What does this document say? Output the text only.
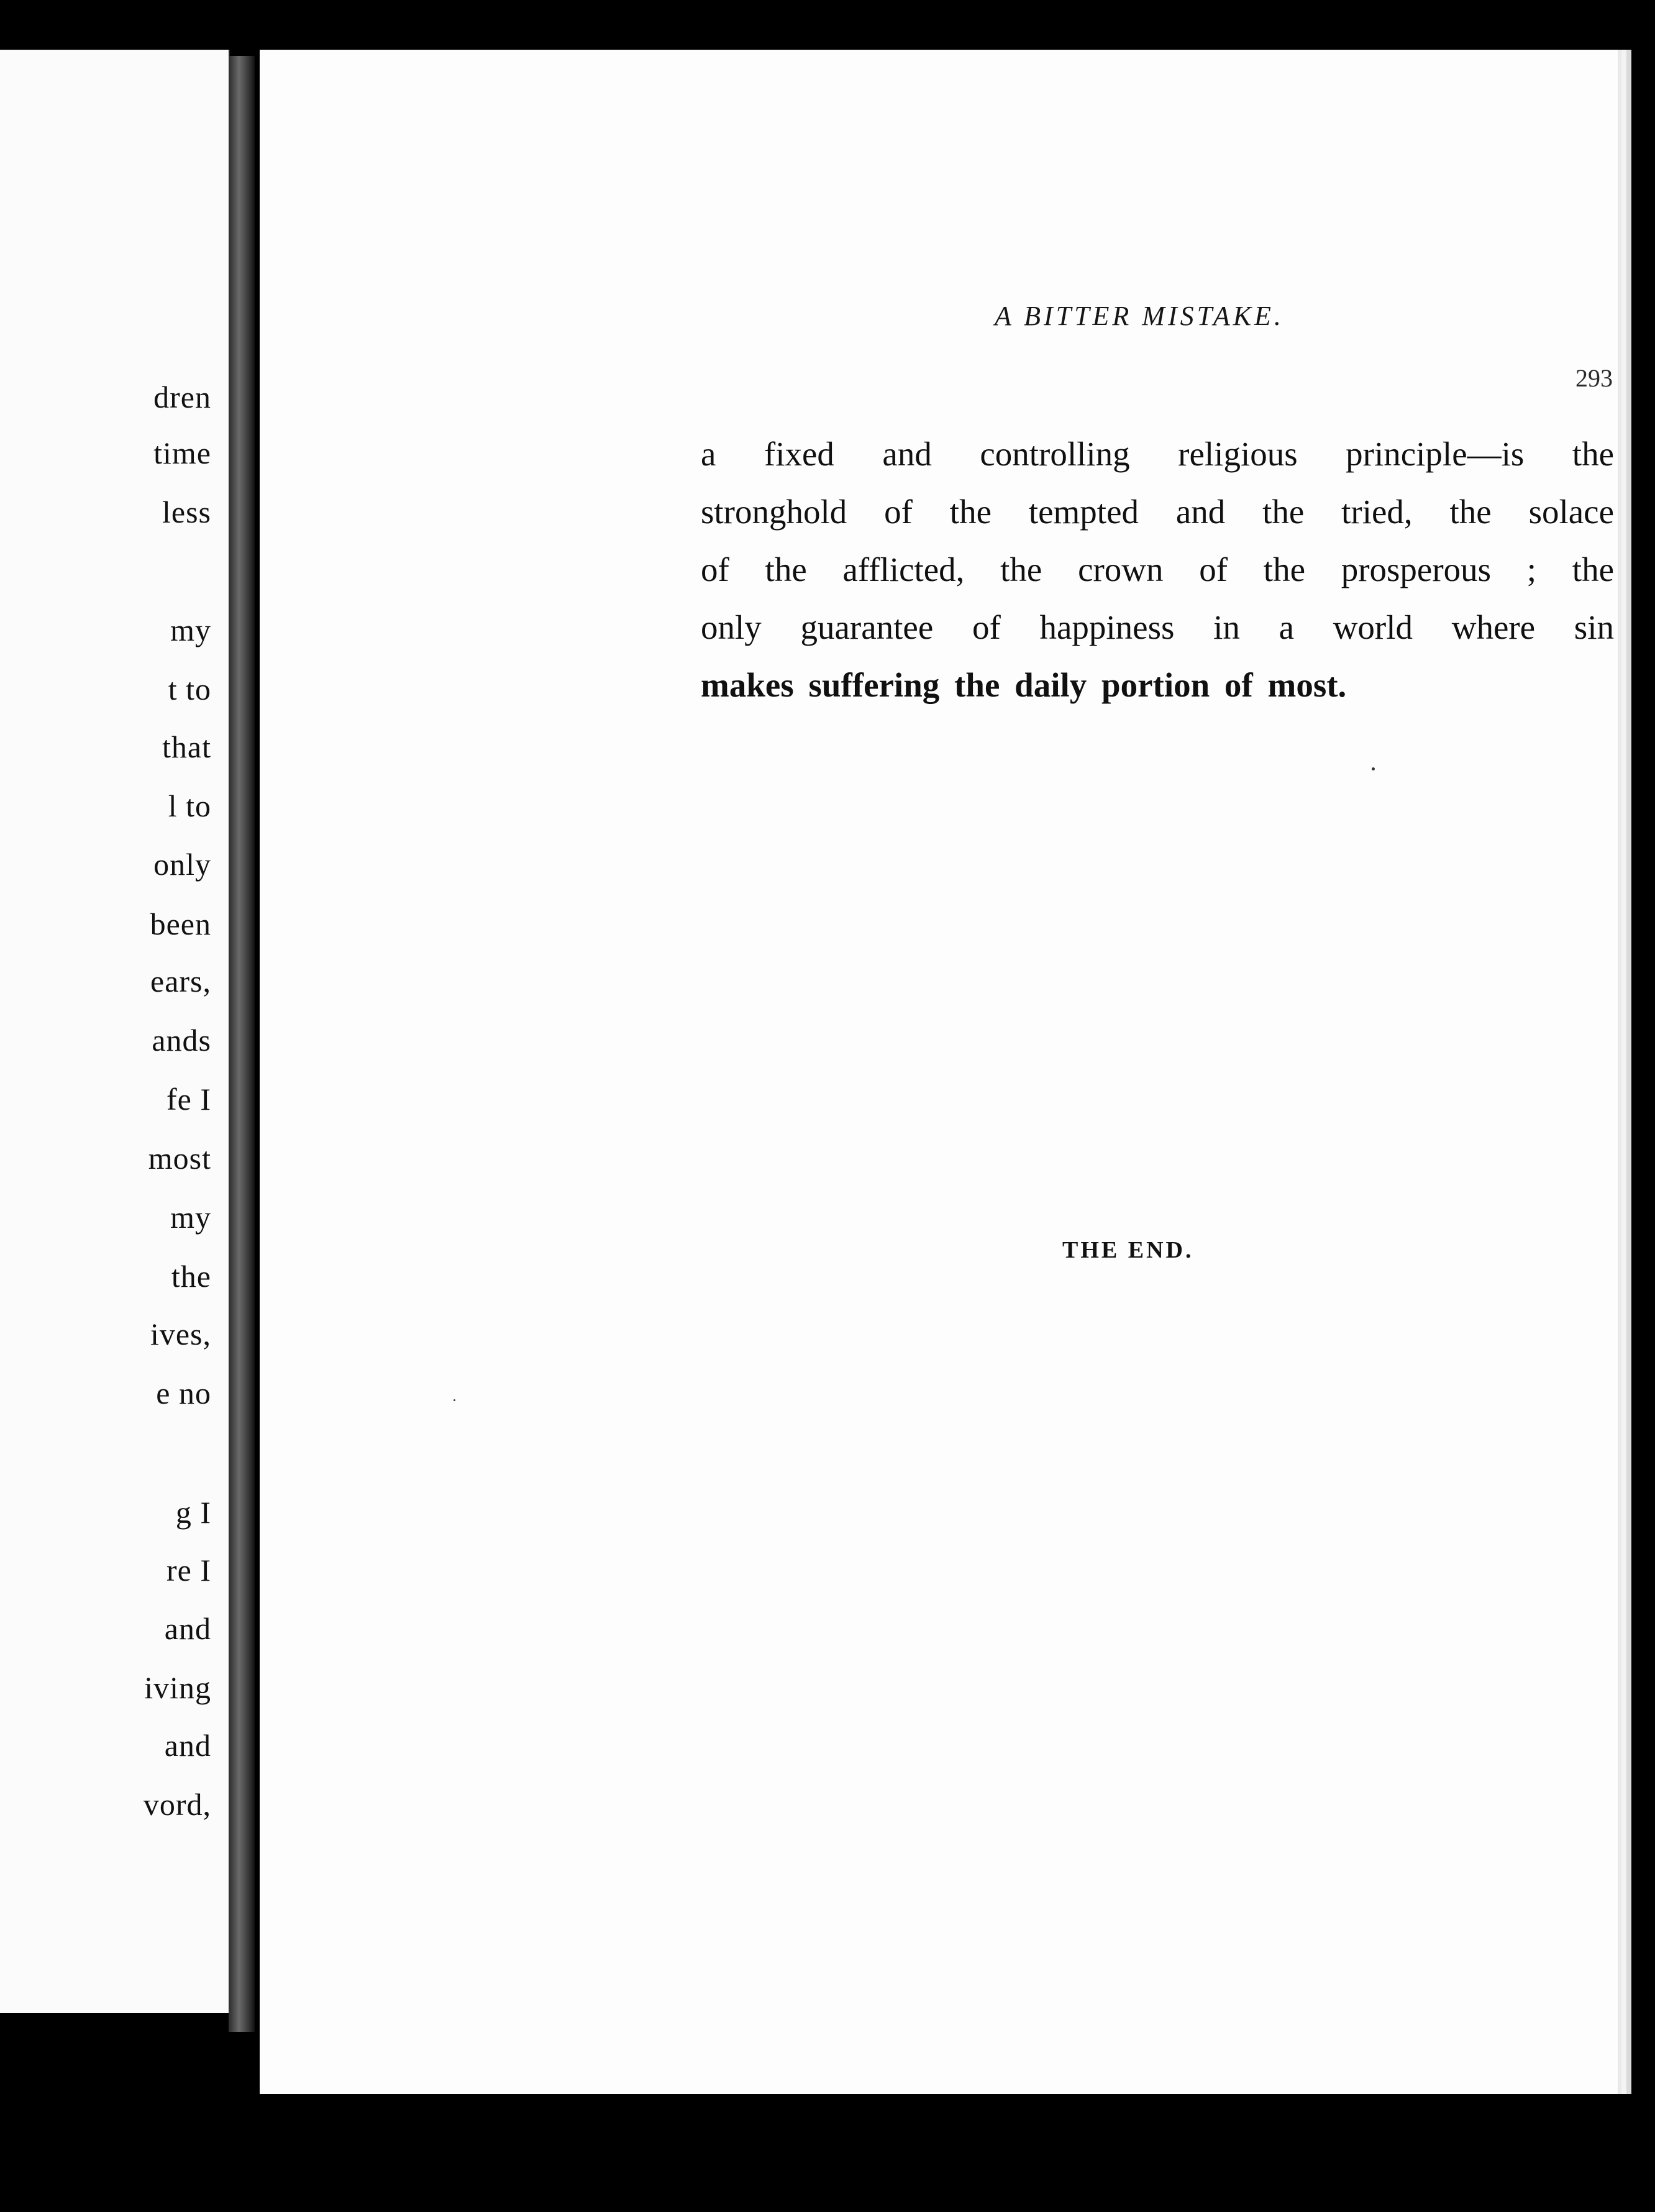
dren

time

less

my

t to

that

l to

only

been

ears,

ands

fe I

most

my

the

ives,

e no

g I

re I

and

iving

and

vord,

A BITTER MISTAKE.

293

a fixed and controlling religious principle—is the
stronghold of the tempted and the tried, the solace
of the afflicted, the crown of the prosperous ; the
only guarantee of happiness in a world where sin
makes suffering the daily portion of most.

THE END.
